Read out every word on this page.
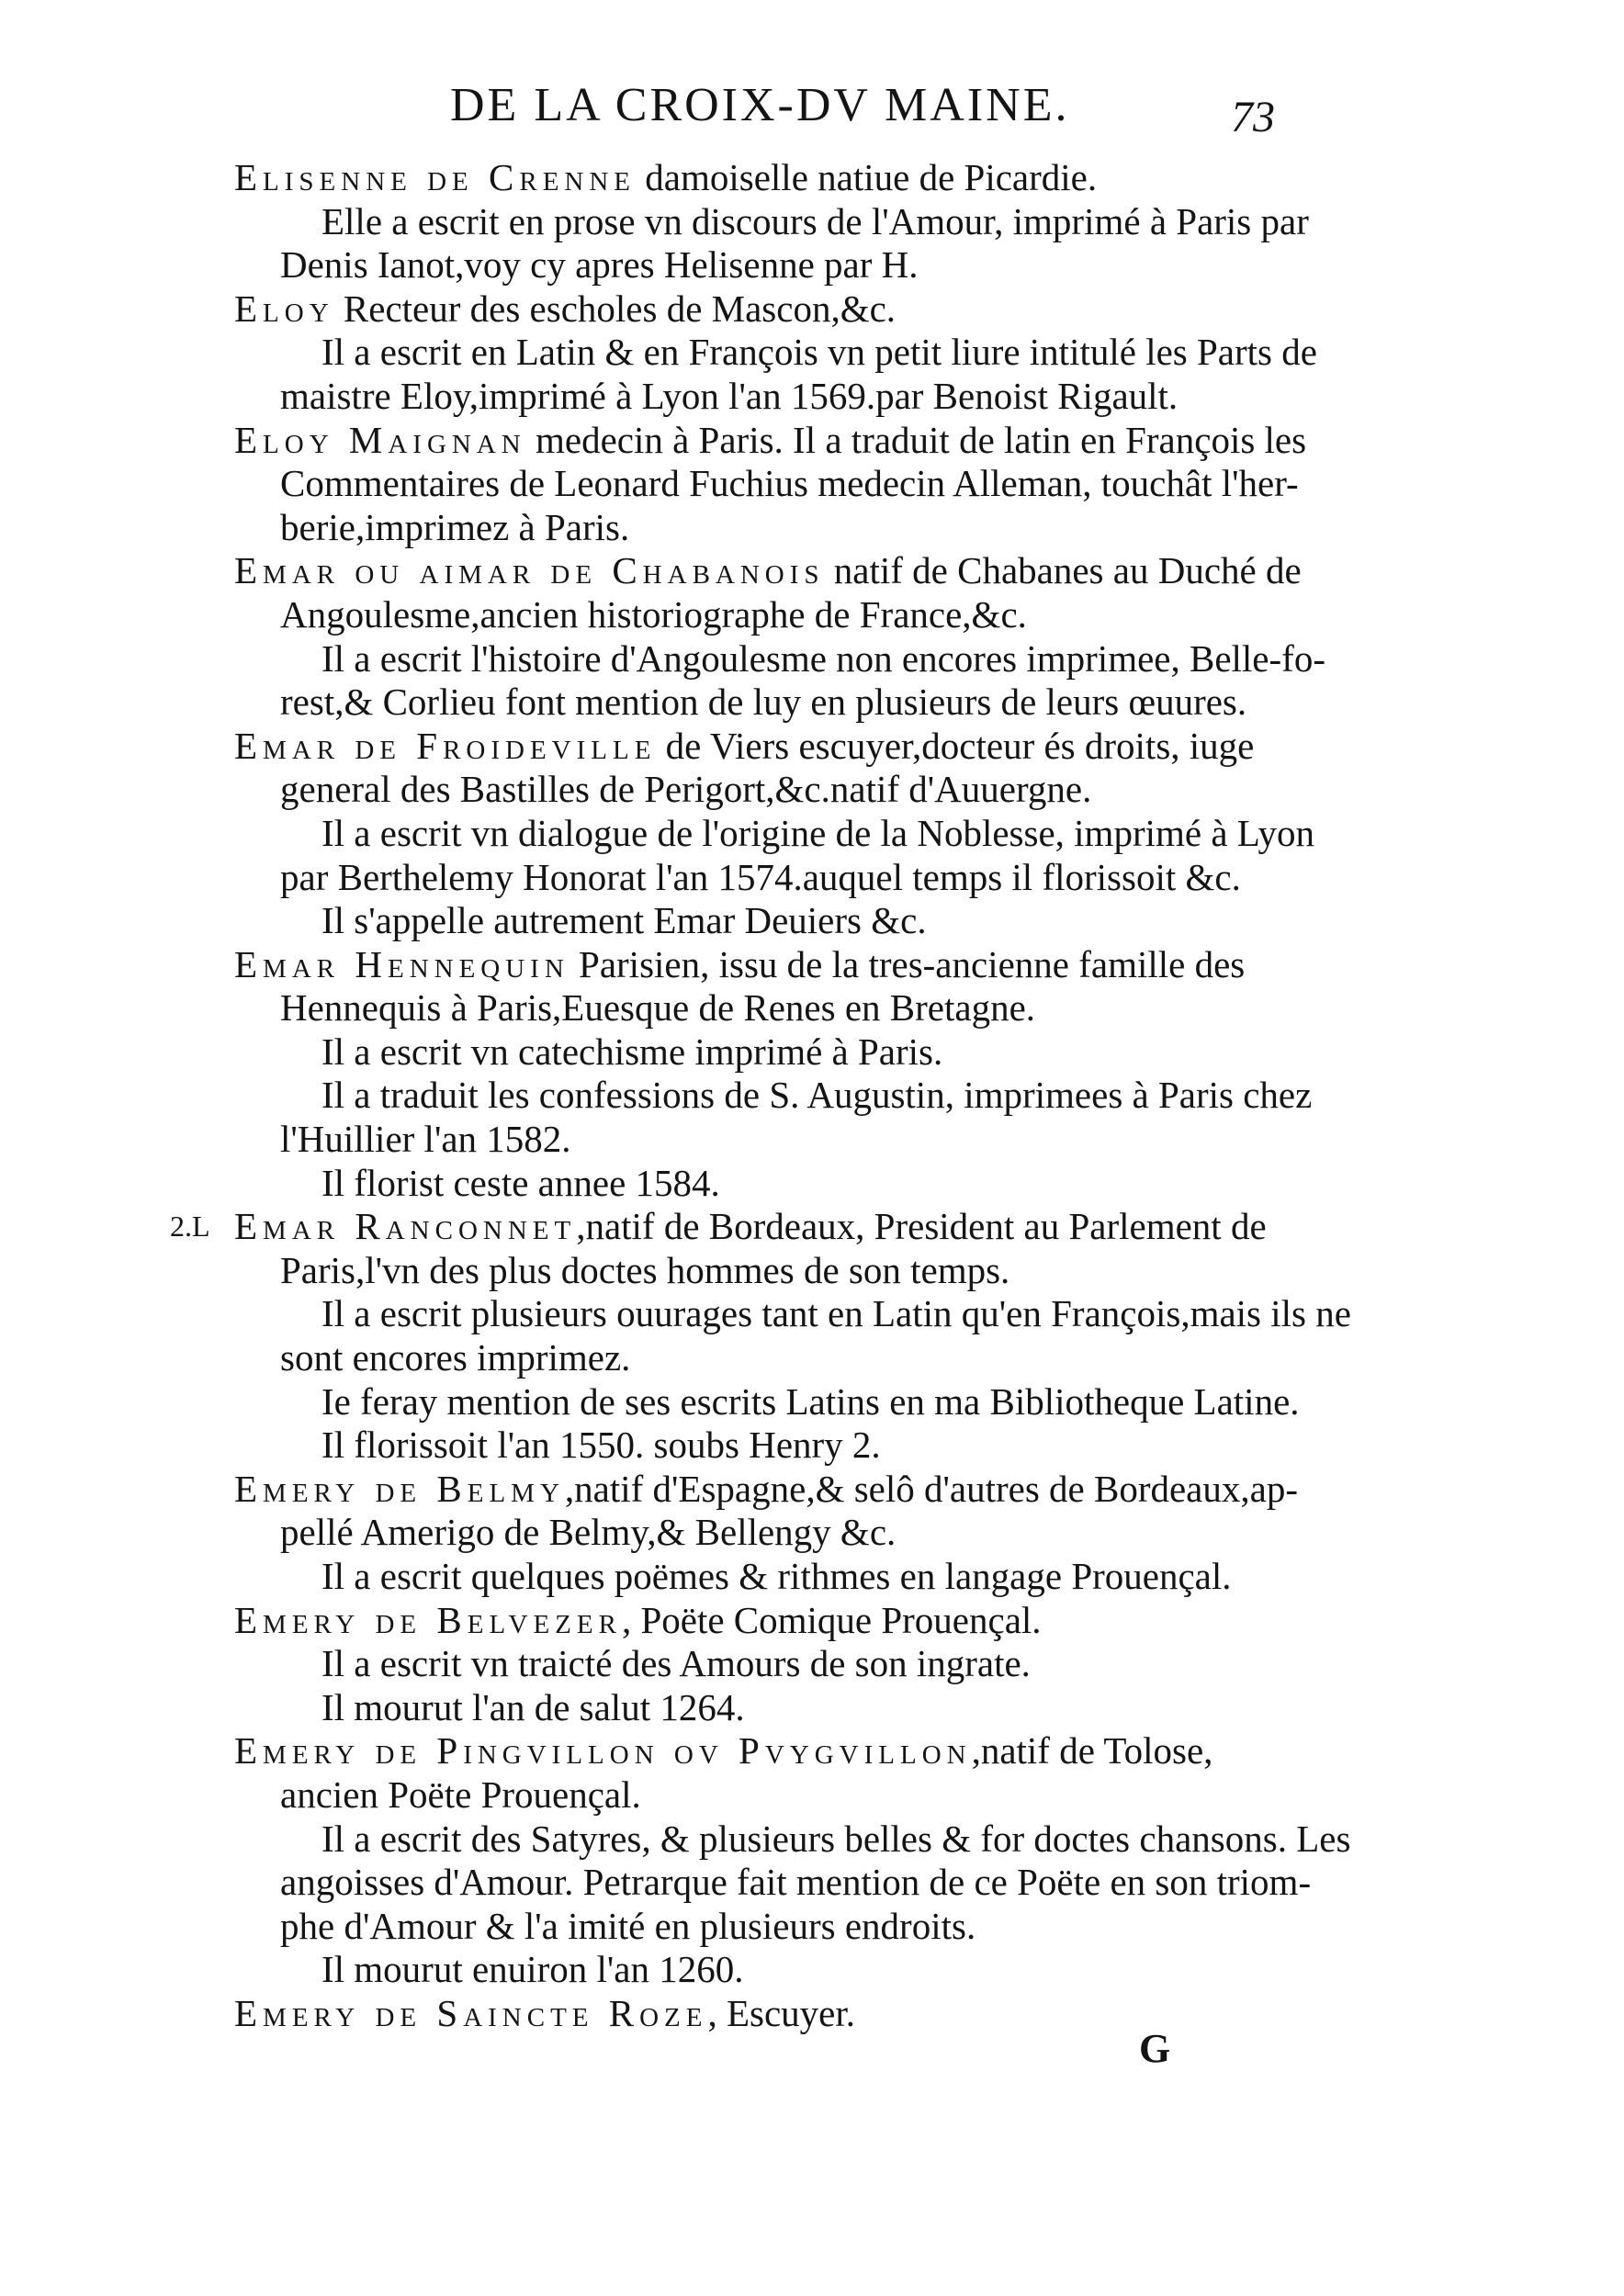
DE LA CROIX-DV MAINE.	73
Elisenne de Crenne damoiselle natiue de Picardie.
Elle a escrit en prose vn discours de l'Amour, imprimé à Paris par
Denis Ianot,voy cy apres Helisenne par H.
Eloy Recteur des escholes de Mascon,&c.
Il a escrit en Latin & en François vn petit liure intitulé les Parts de
maistre Eloy,imprimé à Lyon l'an 1569.par Benoist Rigault.
Eloy Maignan medecin à Paris. Il a traduit de latin en François les
Commentaires de Leonard Fuchius medecin Alleman, touchât l'her-
berie,imprimez à Paris.
Emar ou aimar de Chabanois natif de Chabanes au Duché de
Angoulesme,ancien historiographe de France,&c.
Il a escrit l'histoire d'Angoulesme non encores imprimee, Belle-fo-
rest,& Corlieu font mention de luy en plusieurs de leurs œuures.
Emar de Froideville de Viers escuyer,docteur és droits, iuge
general des Bastilles de Perigort,&c.natif d'Auuergne.
Il a escrit vn dialogue de l'origine de la Noblesse, imprimé à Lyon
par Berthelemy Honorat l'an 1574.auquel temps il florissoit &c.
Il s'appelle autrement Emar Deuiers &c.
Emar Hennequin Parisien, issu de la tres-ancienne famille des
Hennequis à Paris,Euesque de Renes en Bretagne.
Il a escrit vn catechisme imprimé à Paris.
Il a traduit les confessions de S. Augustin, imprimees à Paris chez
l'Huillier l'an 1582.
Il florist ceste annee 1584.
2.L Emar Ranconnet,natif de Bordeaux, President au Parlement de
Paris,l'vn des plus doctes hommes de son temps.
Il a escrit plusieurs ouurages tant en Latin qu'en François,mais ils ne
sont encores imprimez.
Ie feray mention de ses escrits Latins en ma Bibliotheque Latine.
Il florissoit l'an 1550. soubs Henry 2.
Emery de Belmy,natif d'Espagne,& selô d'autres de Bordeaux,ap-
pellé Amerigo de Belmy,& Bellengy &c.
Il a escrit quelques poëmes & rithmes en langage Prouençal.
Emery de Belvezer, Poëte Comique Prouençal.
Il a escrit vn traicté des Amours de son ingrate.
Il mourut l'an de salut 1264.
Emery de Pingvillon ov Pvygvillon,natif de Tolose,
ancien Poëte Prouençal.
Il a escrit des Satyres, & plusieurs belles & for doctes chansons. Les
angoisses d'Amour. Petrarque fait mention de ce Poëte en son triom-
phe d'Amour & l'a imité en plusieurs endroits.
Il mourut enuiron l'an 1260.
Emery de Saincte Roze, Escuyer.
G
